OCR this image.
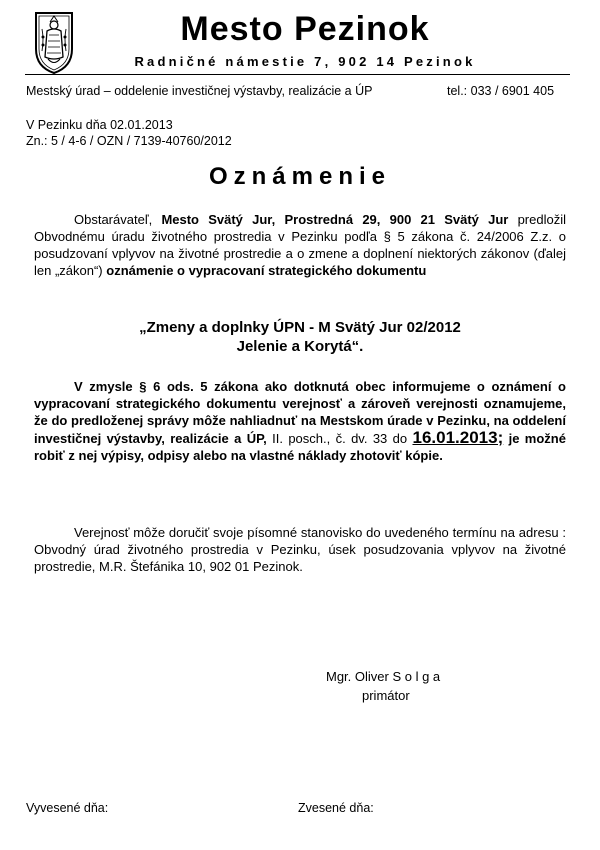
Mesto Pezinok
Radničné námestie 7, 902 14 Pezinok
Mestský úrad – oddelenie investičnej výstavby, realizácie a ÚP	tel.: 033 / 6901 405
V Pezinku dňa 02.01.2013
Zn.: 5 / 4-6 / OZN / 7139-40760/2012
Oznámenie
Obstarávateľ, Mesto Svätý Jur, Prostredná 29, 900 21 Svätý Jur predložil Obvodnému úradu životného prostredia v Pezinku podľa § 5 zákona č. 24/2006 Z.z. o posudzovaní vplyvov na životné prostredie a o zmene a doplnení niektorých zákonov (ďalej len „zákon“) oznámenie o vypracovaní strategického dokumentu
„Zmeny a doplnky ÚPN - M Svätý Jur 02/2012
Jelenie a Korytá“.
V zmysle § 6 ods. 5 zákona ako dotknutá obec informujeme o oznámení o vypracovaní strategického dokumentu verejnosť a zároveň verejnosti oznamujeme, že do predloženej správy môže nahliadnuť na Mestskom úrade v Pezinku, na oddelení investičnej výstavby, realizácie a ÚP, II. posch., č. dv. 33 do 16.01.2013; je možné robiť z nej výpisy, odpisy alebo na vlastné náklady zhotoviť kópie.
Verejnosť môže doručiť svoje písomné stanovisko do uvedeného termínu na adresu : Obvodný úrad životného prostredia v Pezinku, úsek posudzovania vplyvov na životné prostredie, M.R. Štefánika 10, 902 01 Pezinok.
Mgr. Oliver S o l g a
primátor
Vyvesené dňa:	Zvesené dňa:
